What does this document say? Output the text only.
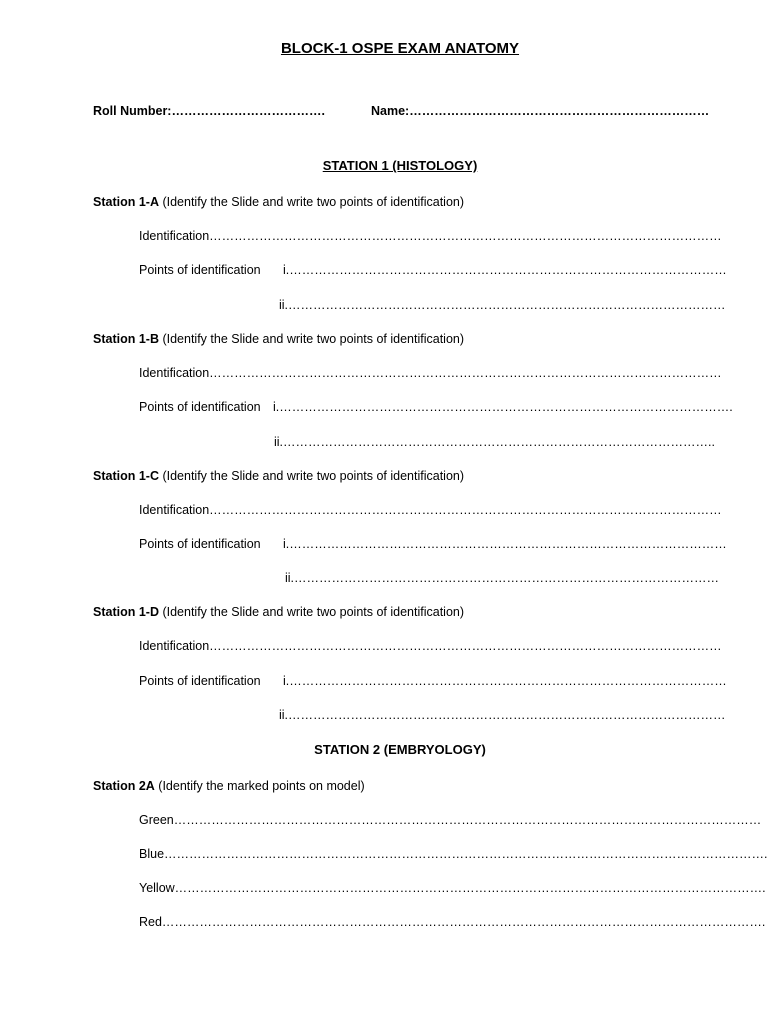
BLOCK-1 OSPE EXAM ANATOMY
Roll Number:……………………………….	Name:………………………………………………………………
STATION 1 (HISTOLOGY)
Station 1-A (Identify the Slide and write two points of identification)
Identification……………………………………………………………………………………………………………
Points of identification i.……………………………………………………………………………………………
ii.……………………………………………………………………………………………
Station 1-B (Identify the Slide and write two points of identification)
Identification……………………………………………………………………………………………………………
Points of identification i.……………………………………………………………………………………………….
ii.…………………………………………………………………………………………..
Station 1-C (Identify the Slide and write two points of identification)
Identification……………………………………………………………………………………………………………
Points of identification i.……………………………………………………………………………………………
ii.…………………………………………………………………………………………
Station 1-D (Identify the Slide and write two points of identification)
Identification……………………………………………………………………………………………………………
Points of identification i.……………………………………………………………………………………………
ii.……………………………………………………………………………………………
STATION 2 (EMBRYOLOGY)
Station 2A (Identify the marked points on model)
Green……………………………………………………………………………………………………………………………
Blue……………………………………………………………………………………………………………………………….
Yellow…………………………………………………………………………………………………………………………….
Red……………………………………………………………………………………………………………………………….
